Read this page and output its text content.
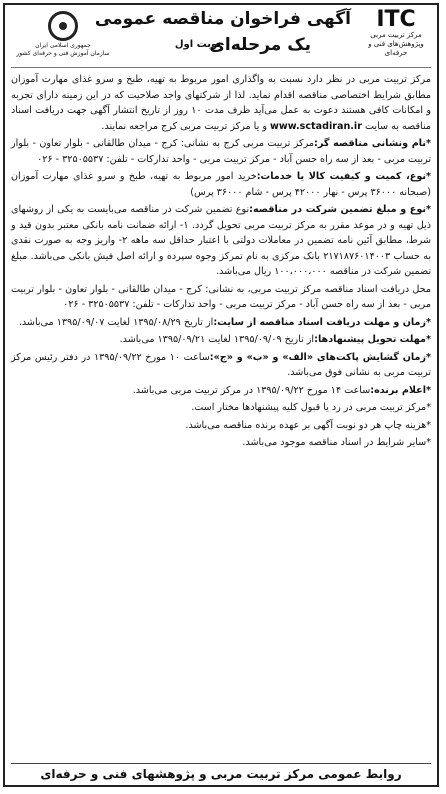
ITC
مرکز تربیت مربی
وپژوهش‌های فنی و حرفه‌ای
آگهی فراخوان مناقصه عمومی
یک مرحله‌ای
نوبت اول
جمهوری اسلامی ایران
سازمان آموزش فنی و حرفه‌ای کشور

مرکز تربیت مربی در نظر دارد نسبت به واگذاری امور مربوط به تهیه، طبخ و سرو غذای مهارت آموزان مطابق شرایط اختصاصی مناقصه اقدام نماید. لذا از شرکتهای واجد صلاحیت که در این زمینه دارای تجربه و امکانات کافی هستند دعوت به عمل می‌آید ظرف مدت ۱۰ روز از تاریخ انتشار آگهی جهت دریافت اسناد مناقصه به سایت www.sctadiran.ir و یا مرکز تربیت مربی کرج مراجعه نمایند.

*نام ونشانی مناقصه گر:مرکز تربیت مربی کرج به نشانی: کرج - میدان طالقانی - بلوار تعاون - بلوار تربیت مربی - بعد از سه راه حسن آباد - مرکز تربیت مربی - واحد تدارکات - تلفن: ۳۲۵۰۵۵۳۷ - ۰۲۶

*نوع، کمیت و کیفیت کالا یا خدمات:خرید امور مربوط به تهیه، طبخ و سرو غذای مهارت آموزان (صبحانه ۳۶۰۰۰ پرس - نهار ۴۲۰۰۰ پرس - شام ۳۶۰۰۰ پرس)

*نوع و مبلغ تضمین شرکت در مناقصه:نوع تضمین شرکت در مناقصه می‌بایست به یکی از روشهای ذیل تهیه و در موعد مقرر به مرکز تربیت مربی تحویل گردد. ۱- ارائه ضمانت نامه بانکی معتبر بدون قید و شرط، مطابق آئین نامه تضمین در معاملات دولتی با اعتبار حداقل سه ماهه ۲- واریز وجه به صورت نقدی به حساب ۲۱۷۱۸۷۶۰۱۴۰۰۳ بانک مرکزی به نام تمرکز وجوه سپرده و ارائه اصل فیش بانکی می‌باشد. مبلغ تضمین شرکت در مناقصه ۱۰۰،۰۰۰،۰۰۰ ریال می‌باشد.

محل دریافت اسناد مناقصه مرکز تربیت مربی، به نشانی: کرج - میدان طالقانی - بلوار تعاون - بلوار تربیت مربی - بعد از سه راه حسن آباد - مرکز تربیت مربی - واحد تدارکات - تلفن: ۳۲۵۰۵۵۳۷ - ۰۲۶

*زمان و مهلت دریافت اسناد مناقصه از سایت:از تاریخ ۱۳۹۵/۰۸/۲۹ لغایت ۱۳۹۵/۰۹/۰۷ می‌باشد.

*مهلت تحویل پیشنهادها:از تاریخ ۱۳۹۵/۰۹/۰۹ لغایت ۱۳۹۵/۰۹/۲۱ می‌باشد.

*زمان گشایش پاکت‌های «الف» و «ب» و «ج»:ساعت ۱۰ مورخ ۱۳۹۵/۰۹/۲۲ در دفتر رئیس مرکز تربیت مربی به نشانی فوق می‌باشد.

*اعلام برنده:ساعت ۱۴ مورخ ۱۳۹۵/۰۹/۲۲ در مرکز تربیت مربی می‌باشد.

*مرکز تربیت مربی در رد یا قبول کلیه پیشنهادها مختار است.

*هزینه چاپ هر دو نوبت آگهی بر عهده برنده مناقصه می‌باشد.

*سایر شرایط در اسناد مناقصه موجود می‌باشد.

روابط عمومی مرکز تربیت مربی و پژوهشهای فنی و حرفه‌ای
